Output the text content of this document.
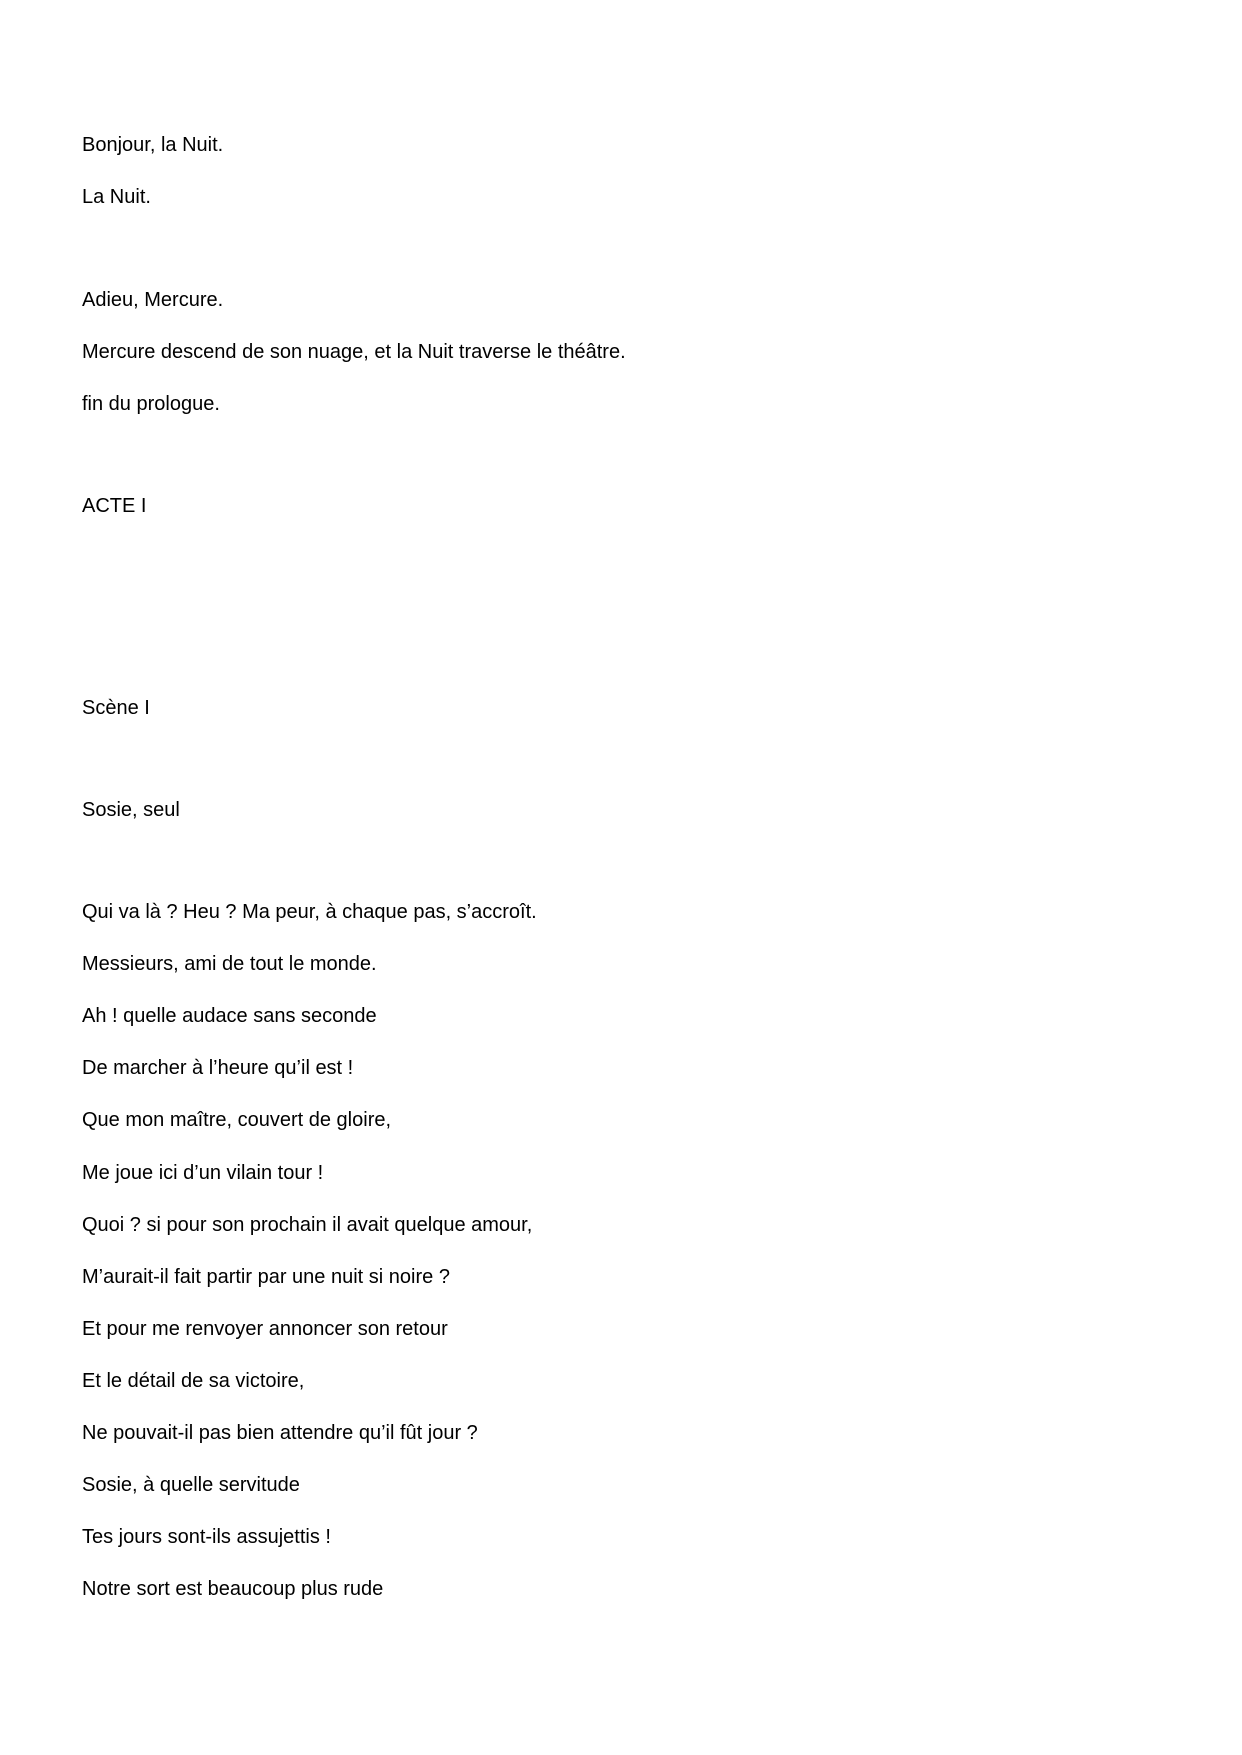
Bonjour, la Nuit.

La Nuit.

Adieu, Mercure.

Mercure descend de son nuage, et la Nuit traverse le théâtre.

fin du prologue.

ACTE I

Scène I

Sosie, seul

Qui va là ? Heu ? Ma peur, à chaque pas, s’accroît.

Messieurs, ami de tout le monde.

Ah ! quelle audace sans seconde

De marcher à l’heure qu’il est !

Que mon maître, couvert de gloire,

Me joue ici d’un vilain tour !

Quoi ? si pour son prochain il avait quelque amour,

M’aurait-il fait partir par une nuit si noire ?

Et pour me renvoyer annoncer son retour

Et le détail de sa victoire,

Ne pouvait-il pas bien attendre qu’il fût jour ?

Sosie, à quelle servitude

Tes jours sont-ils assujettis !

Notre sort est beaucoup plus rude
